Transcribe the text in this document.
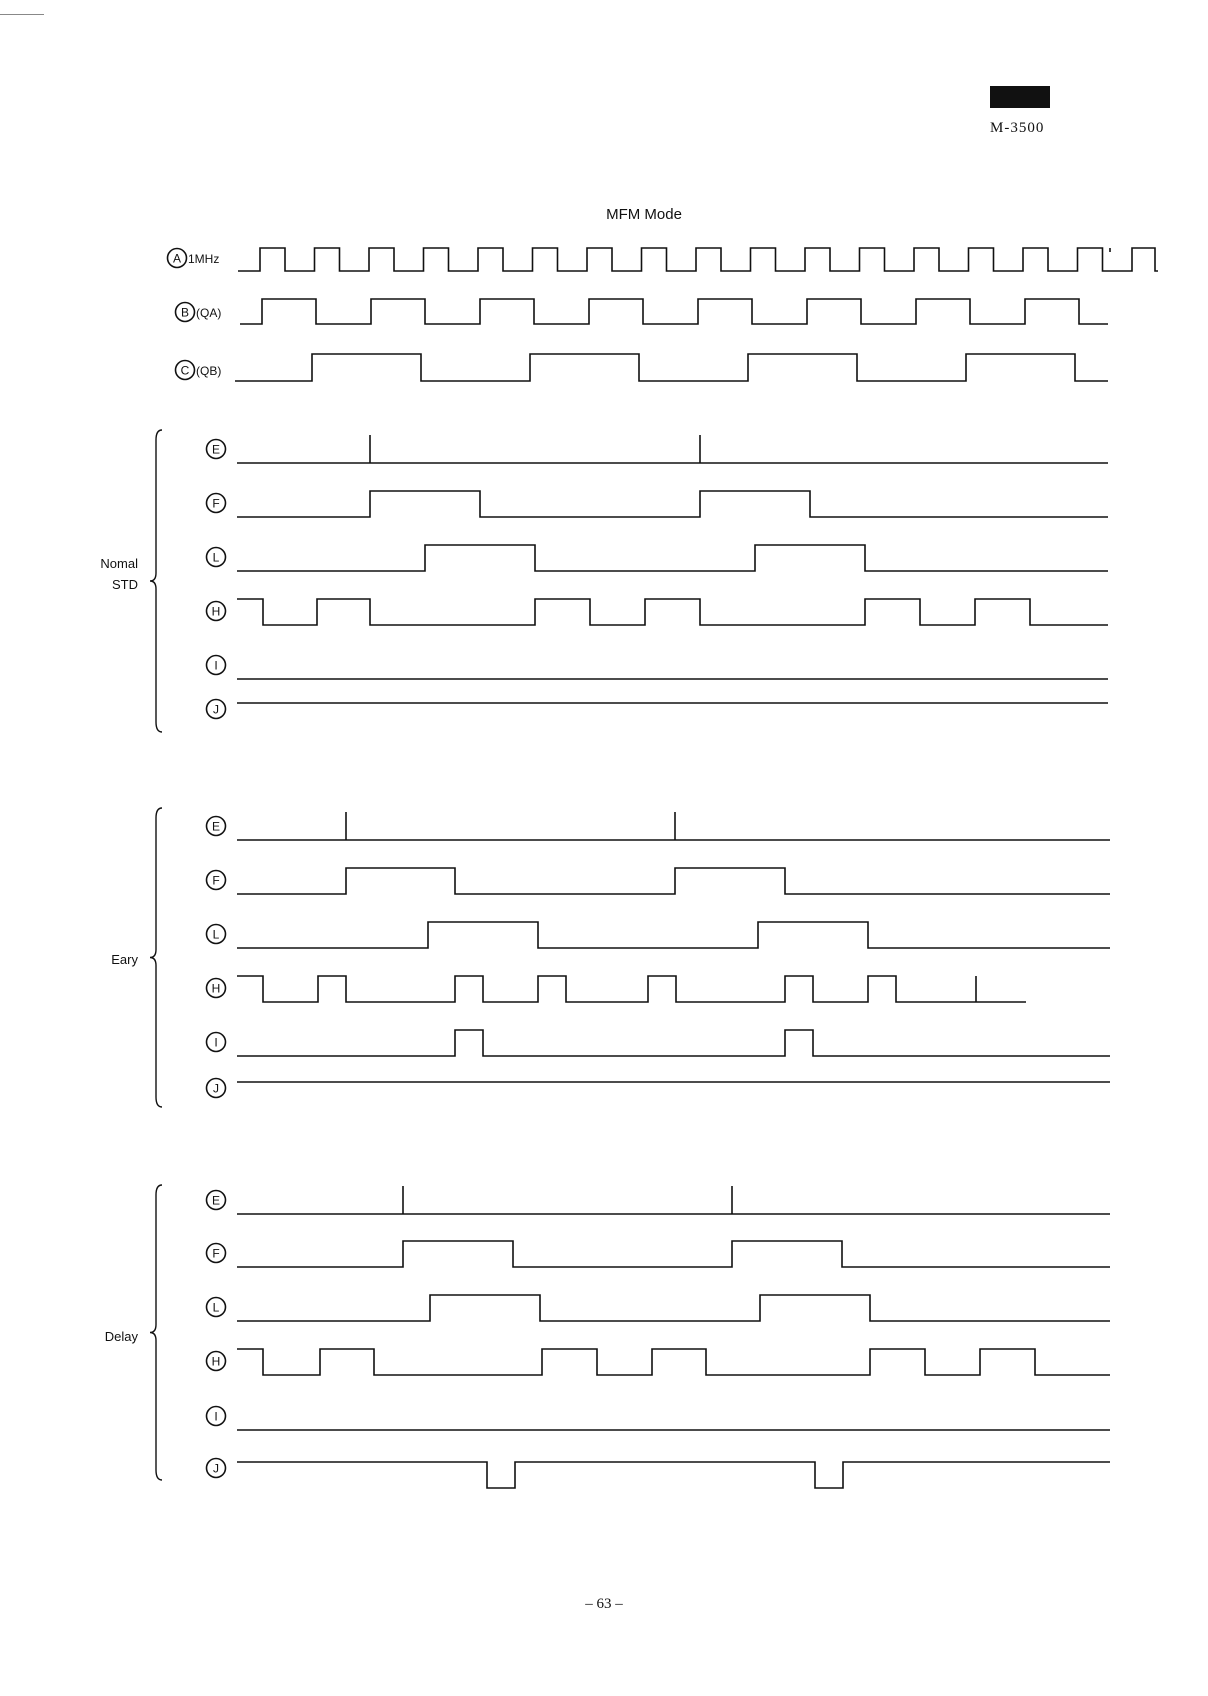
M-3500
MFM Mode
A 1MHz
B (QA)
C (QB)
Nomal
STD
E
F
L
H
I
J
Eary
E
F
L
H
I
J
Delay
E
F
L
H
I
J
– 63 –
